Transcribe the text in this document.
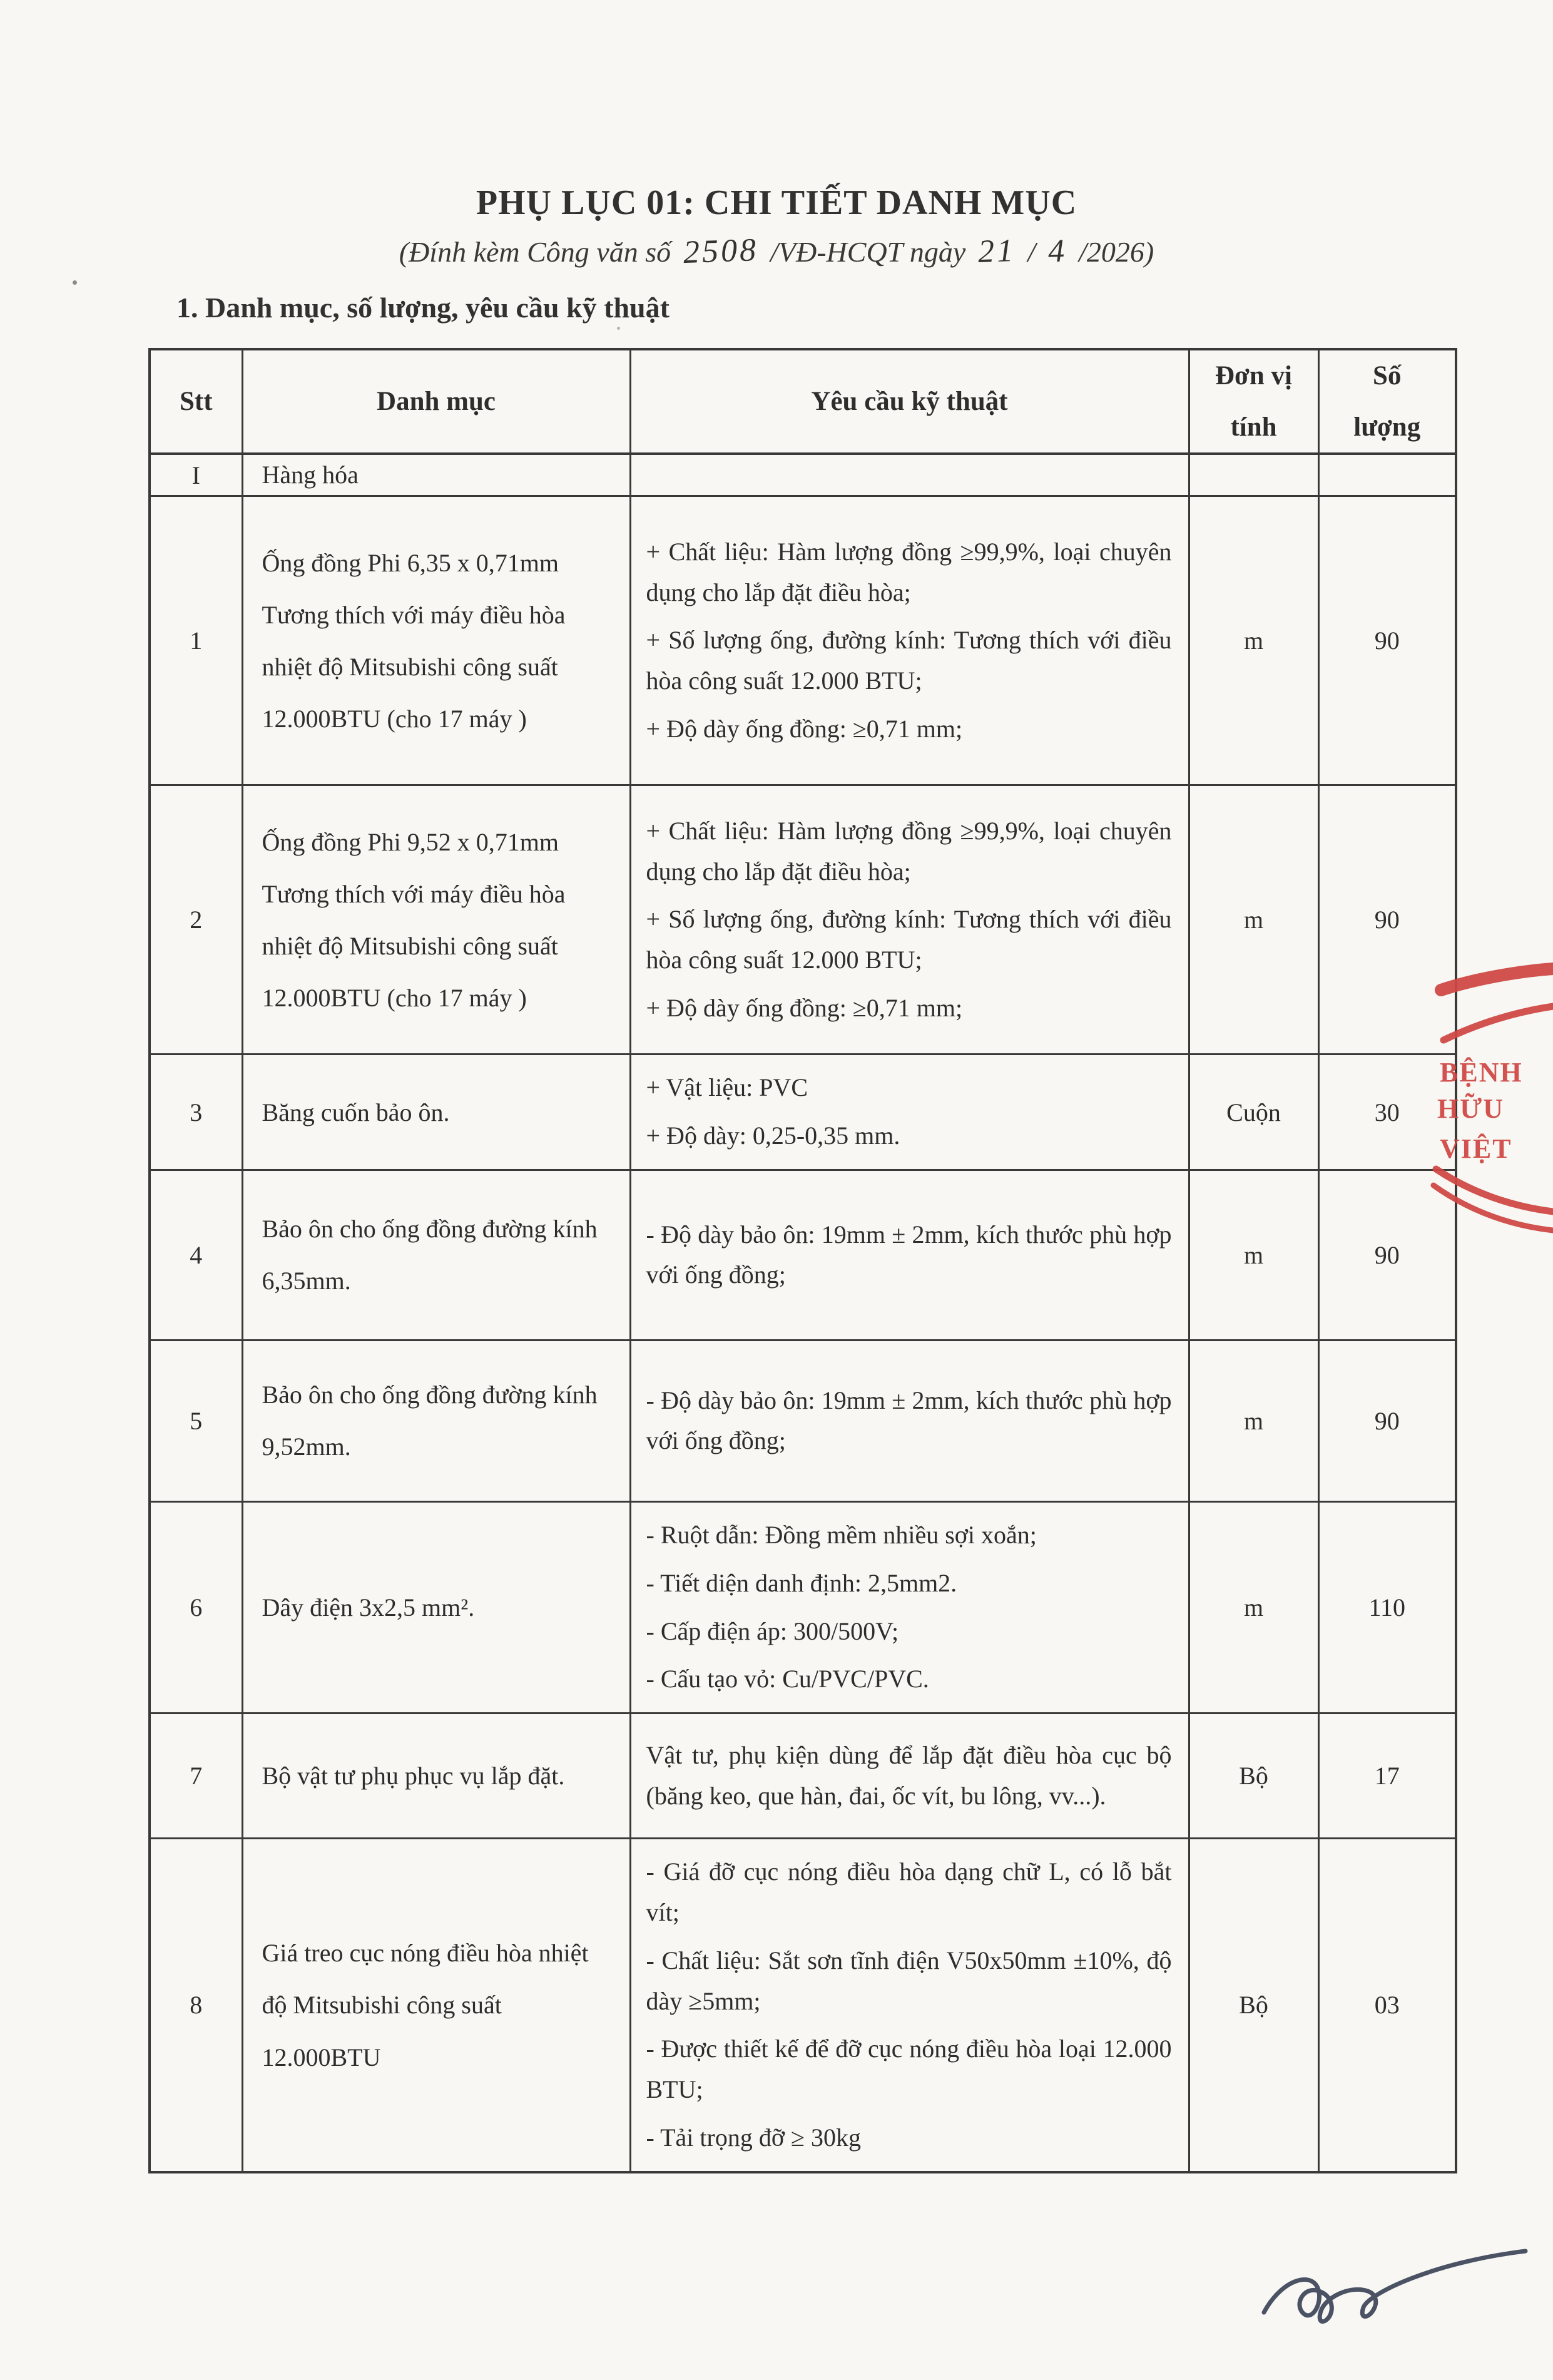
PHỤ LỤC 01: CHI TIẾT DANH MỤC
(Đính kèm Công văn số 2508 /VĐ-HCQT ngày 21 / 4 /2026)
1. Danh mục, số lượng, yêu cầu kỹ thuật
Stt	Danh mục	Yêu cầu kỹ thuật	Đơn vị tính	Số lượng
I	Hàng hóa			
1	Ống đồng Phi 6,35 x 0,71mm Tương thích với máy điều hòa nhiệt độ Mitsubishi công suất 12.000BTU (cho 17 máy )	+ Chất liệu: Hàm lượng đồng ≥99,9%, loại chuyên dụng cho lắp đặt điều hòa;
+ Số lượng ống, đường kính: Tương thích với điều hòa công suất 12.000 BTU;
+ Độ dày ống đồng: ≥0,71 mm;	m	90
2	Ống đồng Phi 9,52 x 0,71mm Tương thích với máy điều hòa nhiệt độ Mitsubishi công suất 12.000BTU (cho 17 máy )	+ Chất liệu: Hàm lượng đồng ≥99,9%, loại chuyên dụng cho lắp đặt điều hòa;
+ Số lượng ống, đường kính: Tương thích với điều hòa công suất 12.000 BTU;
+ Độ dày ống đồng: ≥0,71 mm;	m	90
3	Băng cuốn bảo ôn.	+ Vật liệu: PVC
+ Độ dày: 0,25-0,35 mm.	Cuộn	30
4	Bảo ôn cho ống đồng đường kính 6,35mm.	- Độ dày bảo ôn: 19mm ± 2mm, kích thước phù hợp với ống đồng;	m	90
5	Bảo ôn cho ống đồng đường kính 9,52mm.	- Độ dày bảo ôn: 19mm ± 2mm, kích thước phù hợp với ống đồng;	m	90
6	Dây điện 3x2,5 mm².	- Ruột dẫn: Đồng mềm nhiều sợi xoắn;
- Tiết diện danh định: 2,5mm2.
- Cấp điện áp: 300/500V;
- Cấu tạo vỏ: Cu/PVC/PVC.	m	110
7	Bộ vật tư phụ phục vụ lắp đặt.	Vật tư, phụ kiện dùng để lắp đặt điều hòa cục bộ (băng keo, que hàn, đai, ốc vít, bu lông, vv...).	Bộ	17
8	Giá treo cục nóng điều hòa nhiệt độ Mitsubishi công suất 12.000BTU	- Giá đỡ cục nóng điều hòa dạng chữ L, có lỗ bắt vít;
- Chất liệu: Sắt sơn tĩnh điện V50x50mm ±10%, độ dày ≥5mm;
- Được thiết kế để đỡ cục nóng điều hòa loại 12.000 BTU;
- Tải trọng đỡ ≥ 30kg	Bộ	03
BỆNH
HỮU
VIỆT
